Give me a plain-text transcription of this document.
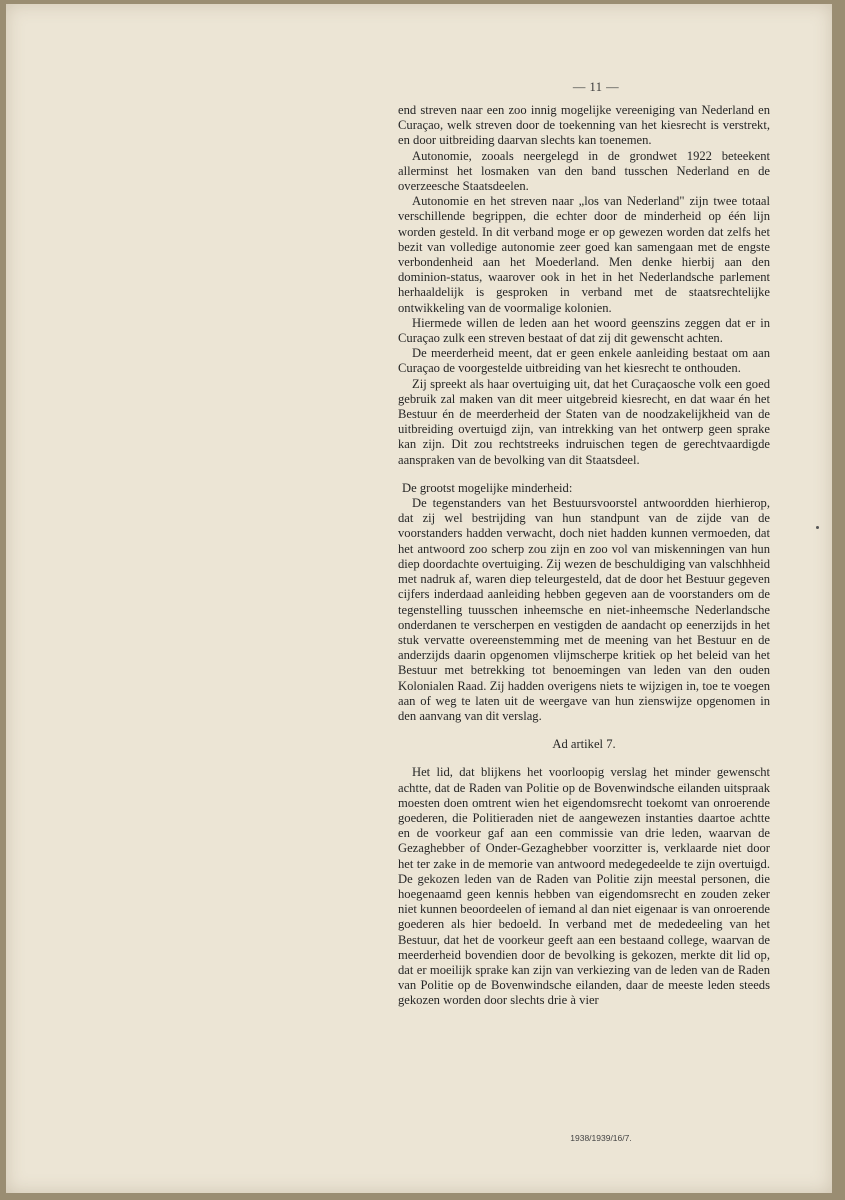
— 11 —
1938/1939/16/7.

end streven naar een zoo innig mogelijke vereeniging van Nederland en Curaçao, welk streven door de toekenning van het kiesrecht is verstrekt, en door uitbreiding daarvan slechts kan toenemen.

Autonomie, zooals neergelegd in de grondwet 1922 beteekent allerminst het losmaken van den band tusschen Nederland en de overzeesche Staatsdeelen.

Autonomie en het streven naar „los van Nederland" zijn twee totaal verschillende begrippen, die echter door de minderheid op één lijn worden gesteld. In dit verband moge er op gewezen worden dat zelfs het bezit van volledige autonomie zeer goed kan samengaan met de engste verbondenheid aan het Moederland. Men denke hierbij aan den dominion-status, waarover ook in het in het Nederlandsche parlement herhaaldelijk is gesproken in verband met de staatsrechtelijke ontwikkeling van de voormalige kolonien.

Hiermede willen de leden aan het woord geenszins zeggen dat er in Curaçao zulk een streven bestaat of dat zij dit gewenscht achten.

De meerderheid meent, dat er geen enkele aanleiding bestaat om aan Curaçao de voorgestelde uitbreiding van het kiesrecht te onthouden.

Zij spreekt als haar overtuiging uit, dat het Curaçaosche volk een goed gebruik zal maken van dit meer uitgebreid kiesrecht, en dat waar én het Bestuur én de meerderheid der Staten van de noodzakelijkheid van de uitbreiding overtuigd zijn, van intrekking van het ontwerp geen sprake kan zijn. Dit zou rechtstreeks indruischen tegen de gerechtvaardigde aanspraken van de bevolking van dit Staatsdeel.

De grootst mogelijke minderheid:

De tegenstanders van het Bestuursvoorstel antwoordden hierhierop, dat zij wel bestrijding van hun standpunt van de zijde van de voorstanders hadden verwacht, doch niet hadden kunnen vermoeden, dat het antwoord zoo scherp zou zijn en zoo vol van miskenningen van hun diep doordachte overtuiging. Zij wezen de beschuldiging van valschhheid met nadruk af, waren diep teleurgesteld, dat de door het Bestuur gegeven cijfers inderdaad aanleiding hebben gegeven aan de voorstanders om de tegenstelling tuusschen inheemsche en niet-inheemsche Nederlandsche onderdanen te verscherpen en vestigden de aandacht op eenerzijds in het stuk vervatte overeenstemming met de meening van het Bestuur en de anderzijds daarin opgenomen vlijmscherpe kritiek op het beleid van het Bestuur met betrekking tot benoemingen van leden van den ouden Kolonialen Raad. Zij hadden overigens niets te wijzigen in, toe te voegen aan of weg te laten uit de weergave van hun zienswijze opgenomen in den aanvang van dit verslag.

Ad artikel 7.

Het lid, dat blijkens het voorloopig verslag het minder gewenscht achtte, dat de Raden van Politie op de Bovenwindsche eilanden uitspraak moesten doen omtrent wien het eigendomsrecht toekomt van onroerende goederen, die Politieraden niet de aangewezen instanties daartoe achtte en de voorkeur gaf aan een commissie van drie leden, waarvan de Gezaghebber of Onder-Gezaghebber voorzitter is, verklaarde niet door het ter zake in de memorie van antwoord medegedeelde te zijn overtuigd. De gekozen leden van de Raden van Politie zijn meestal personen, die hoegenaamd geen kennis hebben van eigendomsrecht en zouden zeker niet kunnen beoordeelen of iemand al dan niet eigenaar is van onroerende goederen als hier bedoeld. In verband met de mededeeling van het Bestuur, dat het de voorkeur geeft aan een bestaand college, waarvan de meerderheid bovendien door de bevolking is gekozen, merkte dit lid op, dat er moeilijk sprake kan zijn van verkiezing van de leden van de Raden van Politie op de Bovenwindsche eilanden, daar de meeste leden steeds gekozen worden door slechts drie à vier
